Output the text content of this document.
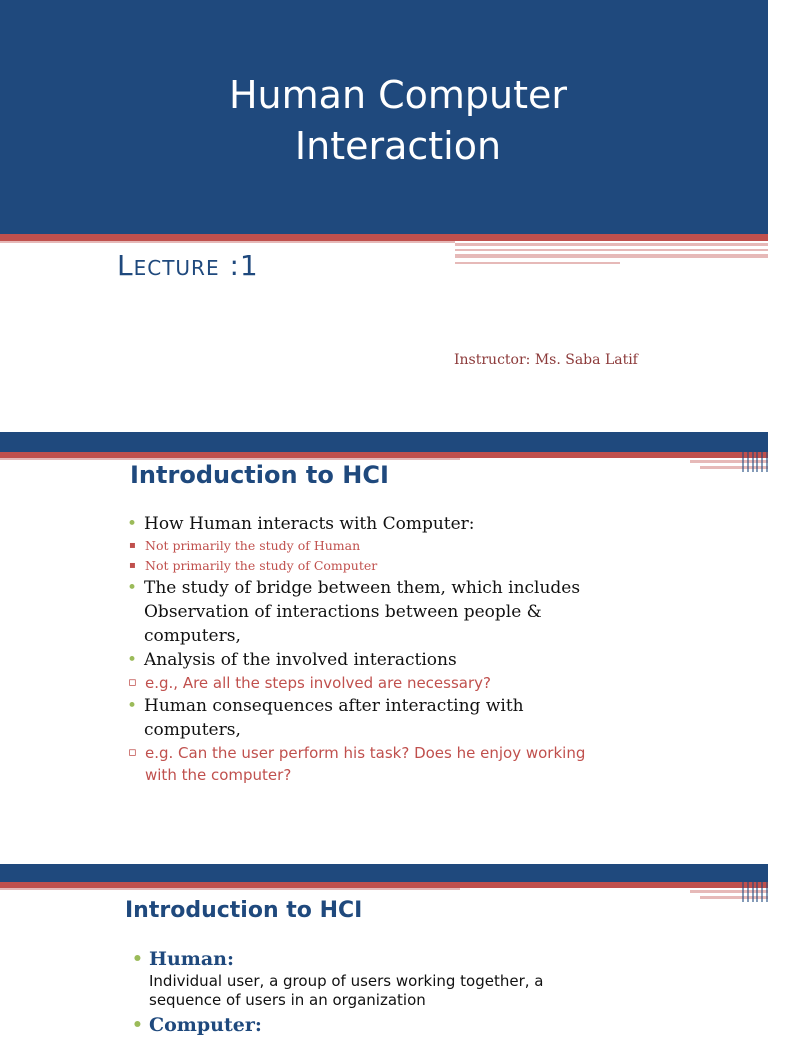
Human Computer
Interaction
Lecture :1
Instructor: Ms. Saba Latif
Introduction to HCI
• How Human interacts with Computer:
▪ Not primarily the study of Human
▪ Not primarily the study of Computer
• The study of bridge between them, which includes Observation of interactions between people & computers,
• Analysis of the involved interactions
▫ e.g., Are all the steps involved are necessary?
• Human consequences after interacting with computers,
▫ e.g. Can the user perform his task? Does he enjoy working with the computer?
Introduction to HCI
• Human:
Individual user, a group of users working together, a sequence of users in an organization
• Computer:
